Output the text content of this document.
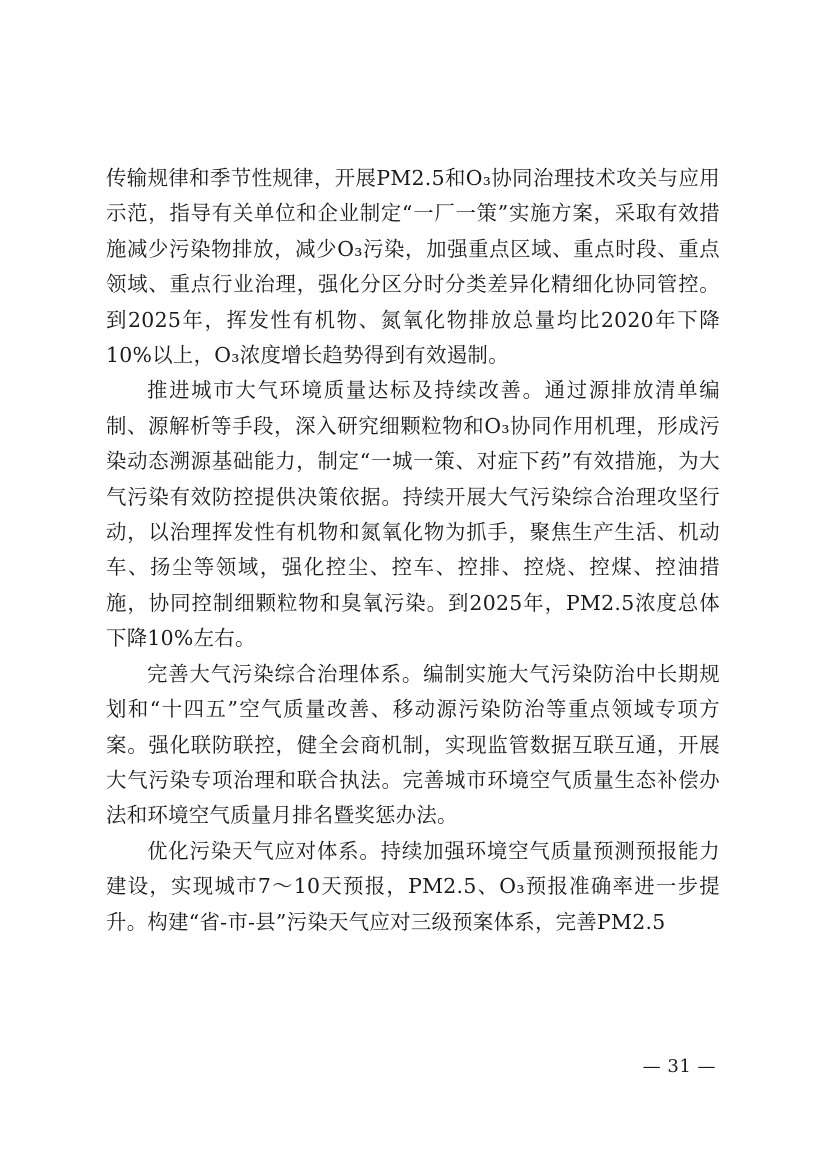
传输规律和季节性规律，开展PM2.5和O₃协同治理技术攻关与应用示范，指导有关单位和企业制定“一厂一策”实施方案，采取有效措施减少污染物排放，减少O₃污染，加强重点区域、重点时段、重点领域、重点行业治理，强化分区分时分类差异化精细化协同管控。到2025年，挥发性有机物、氮氧化物排放总量均比2020年下降10%以上，O₃浓度增长趋势得到有效遏制。

推进城市大气环境质量达标及持续改善。通过源排放清单编制、源解析等手段，深入研究细颗粒物和O₃协同作用机理，形成污染动态溯源基础能力，制定“一城一策、对症下药”有效措施，为大气污染有效防控提供决策依据。持续开展大气污染综合治理攻坚行动，以治理挥发性有机物和氮氧化物为抓手，聚焦生产生活、机动车、扬尘等领域，强化控尘、控车、控排、控烧、控煤、控油措施，协同控制细颗粒物和臭氧污染。到2025年，PM2.5浓度总体下降10%左右。

完善大气污染综合治理体系。编制实施大气污染防治中长期规划和“十四五”空气质量改善、移动源污染防治等重点领域专项方案。强化联防联控，健全会商机制，实现监管数据互联互通，开展大气污染专项治理和联合执法。完善城市环境空气质量生态补偿办法和环境空气质量月排名暨奖惩办法。

优化污染天气应对体系。持续加强环境空气质量预测预报能力建设，实现城市7～10天预报，PM2.5、O₃预报准确率进一步提升。构建“省-市-县”污染天气应对三级预案体系，完善PM2.5

— 31 —
